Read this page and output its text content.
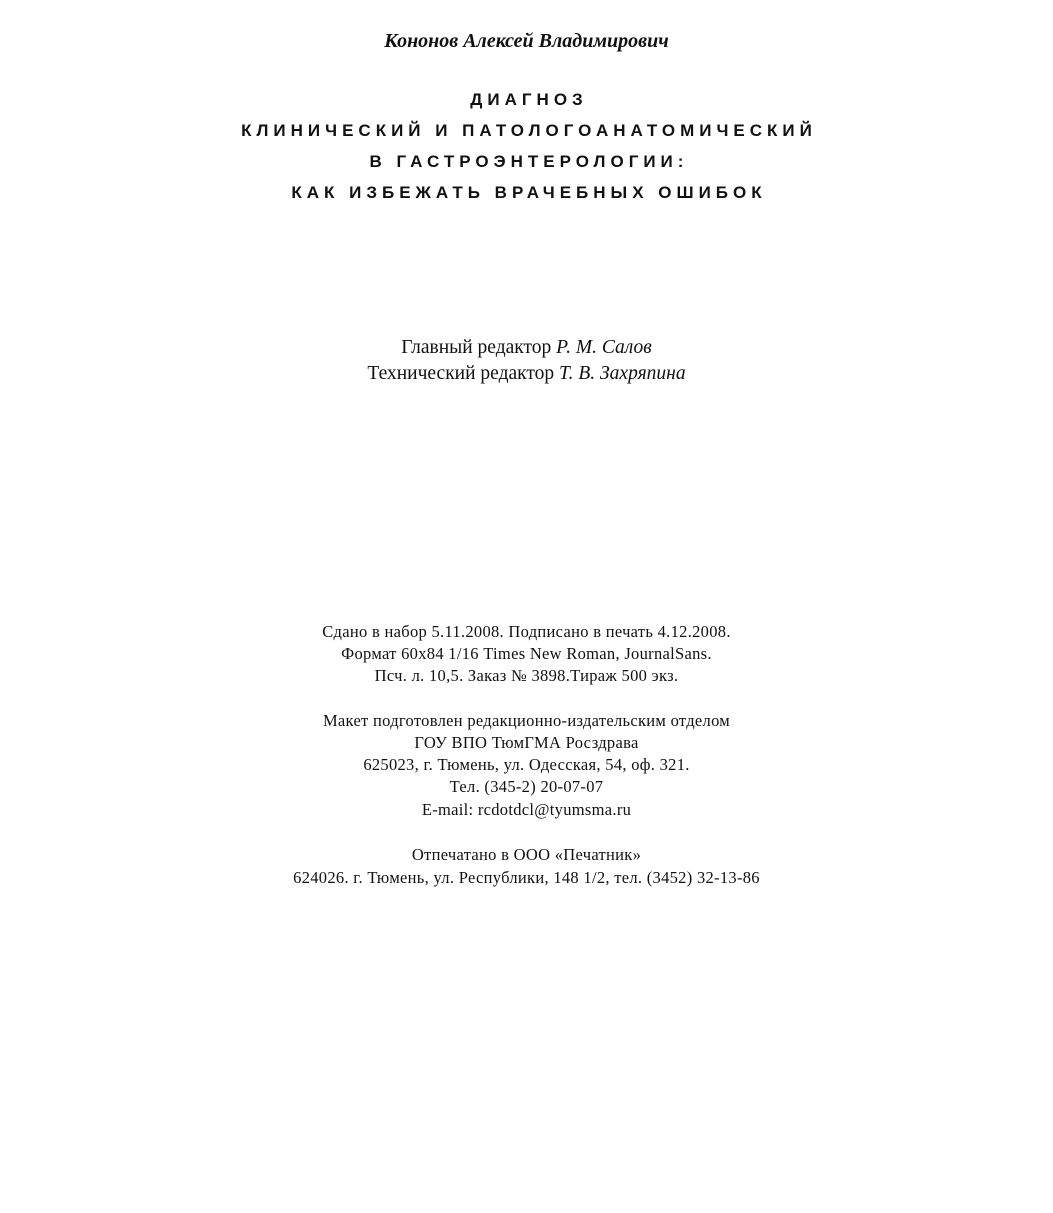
Кононов Алексей Владимирович
ДИАГНОЗ
КЛИНИЧЕСКИЙ И ПАТОЛОГОАНАТОМИЧЕСКИЙ
В ГАСТРОЭНТЕРОЛОГИИ:
КАК ИЗБЕЖАТЬ ВРАЧЕБНЫХ ОШИБОК
Главный редактор Р. М. Салов
Технический редактор Т. В. Захряпина
Сдано в набор 5.11.2008. Подписано в печать 4.12.2008.
Формат 60х84 1/16 Times New Roman, JournalSans.
Псч. л. 10,5. Заказ № 3898.Тираж 500 экз.
Макет подготовлен редакционно-издательским отделом
ГОУ ВПО ТюмГМА Росздрава
625023, г. Тюмень, ул. Одесская, 54, оф. 321.
Тел. (345-2) 20-07-07
E-mail: rcdotdcl@tyumsma.ru
Отпечатано в ООО «Печатник»
624026. г. Тюмень, ул. Республики, 148 1/2, тел. (3452) 32-13-86
